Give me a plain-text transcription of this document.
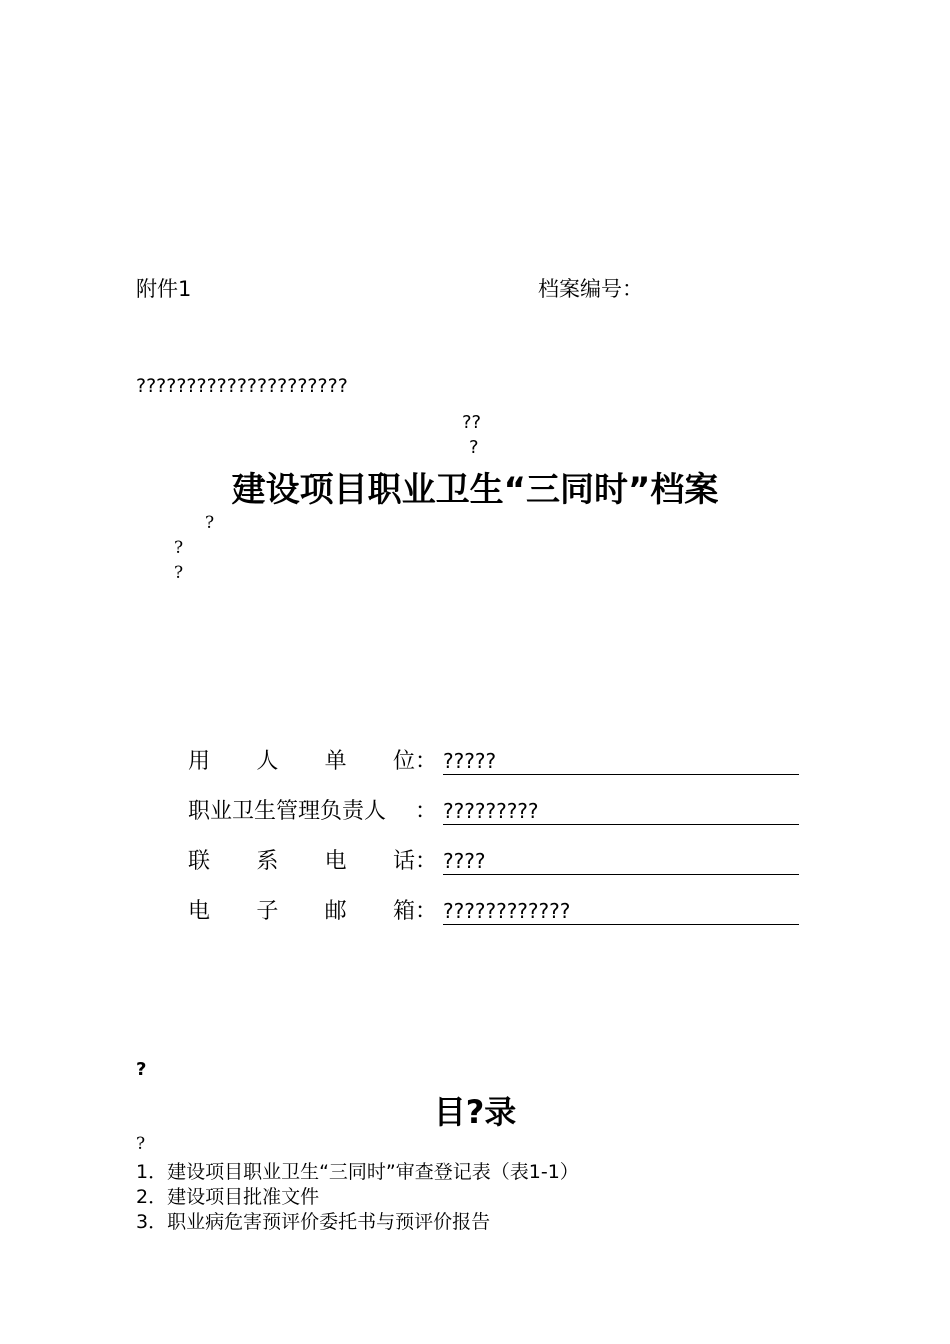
附件1	档案编号：
?????????????????????
??
?
建设项目职业卫生“三同时”档案
?
?
?
用 人 单 位 ： ?????
职业卫生管理负责人 ： ?????????
联 系 电 话 ： ????
电 子 邮 箱 ： ????????????
?
目?录
?
1．建设项目职业卫生“三同时”审查登记表（表1-1）
2．建设项目批准文件
3．职业病危害预评价委托书与预评价报告
